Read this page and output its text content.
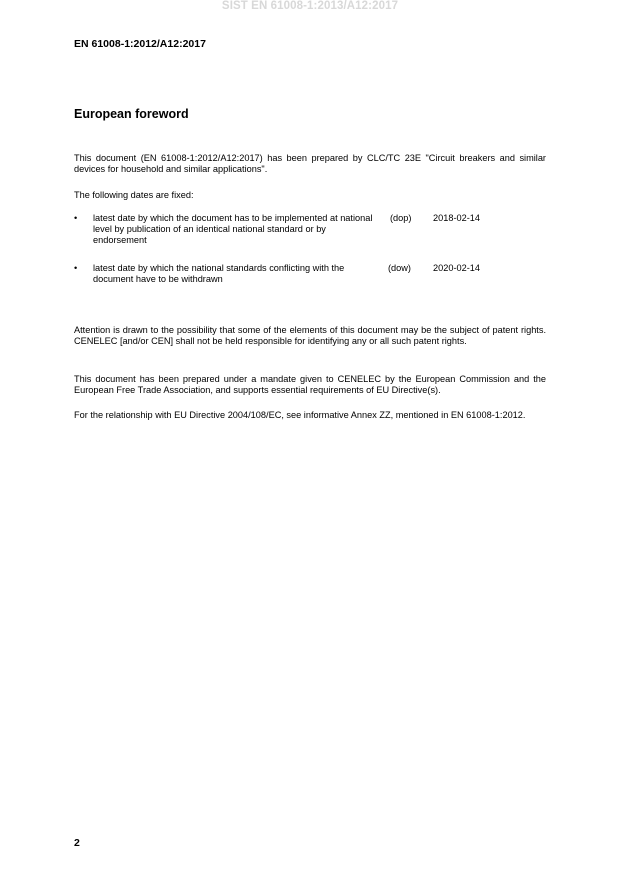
SIST EN 61008-1:2013/A12:2017
EN 61008-1:2012/A12:2017
European foreword
This document (EN 61008-1:2012/A12:2017) has been prepared by CLC/TC 23E "Circuit breakers and similar devices for household and similar applications".
The following dates are fixed:
• latest date by which the document has to be implemented at national level by publication of an identical national standard or by endorsement
(dop) 2018-02-14
• latest date by which the national standards conflicting with the document have to be withdrawn
(dow) 2020-02-14
Attention is drawn to the possibility that some of the elements of this document may be the subject of patent rights. CENELEC [and/or CEN] shall not be held responsible for identifying any or all such patent rights.
This document has been prepared under a mandate given to CENELEC by the European Commission and the European Free Trade Association, and supports essential requirements of EU Directive(s).
For the relationship with EU Directive 2004/108/EC, see informative Annex ZZ, mentioned in EN 61008-1:2012.
2
